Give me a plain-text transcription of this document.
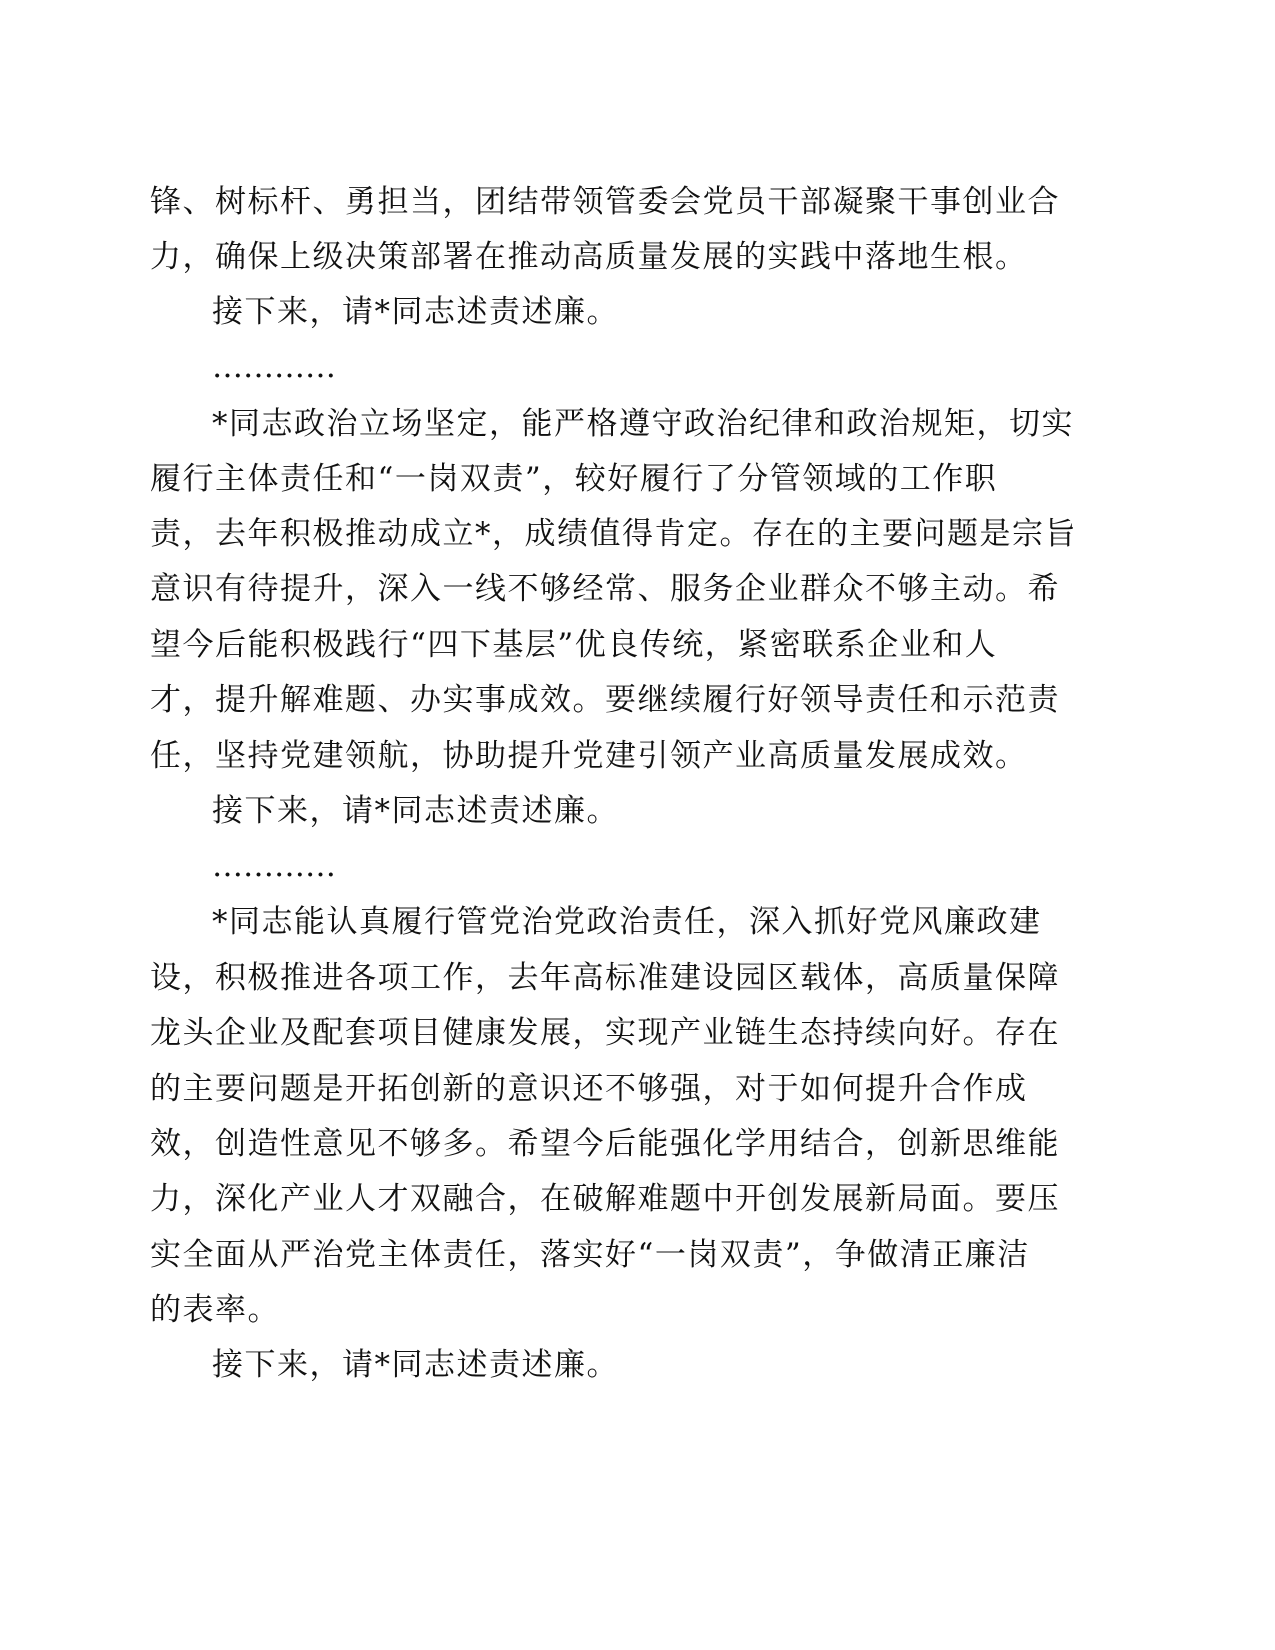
锋、树标杆、勇担当，团结带领管委会党员干部凝聚干事创业合
力，确保上级决策部署在推动高质量发展的实践中落地生根。
接下来，请*同志述责述廉。
…………
*同志政治立场坚定，能严格遵守政治纪律和政治规矩，切实
履行主体责任和“一岗双责”，较好履行了分管领域的工作职
责，去年积极推动成立*，成绩值得肯定。存在的主要问题是宗旨
意识有待提升，深入一线不够经常、服务企业群众不够主动。希
望今后能积极践行“四下基层”优良传统，紧密联系企业和人
才，提升解难题、办实事成效。要继续履行好领导责任和示范责
任，坚持党建领航，协助提升党建引领产业高质量发展成效。
接下来，请*同志述责述廉。
…………
*同志能认真履行管党治党政治责任，深入抓好党风廉政建
设，积极推进各项工作，去年高标准建设园区载体，高质量保障
龙头企业及配套项目健康发展，实现产业链生态持续向好。存在
的主要问题是开拓创新的意识还不够强，对于如何提升合作成
效，创造性意见不够多。希望今后能强化学用结合，创新思维能
力，深化产业人才双融合，在破解难题中开创发展新局面。要压
实全面从严治党主体责任，落实好“一岗双责”，争做清正廉洁
的表率。
接下来，请*同志述责述廉。
